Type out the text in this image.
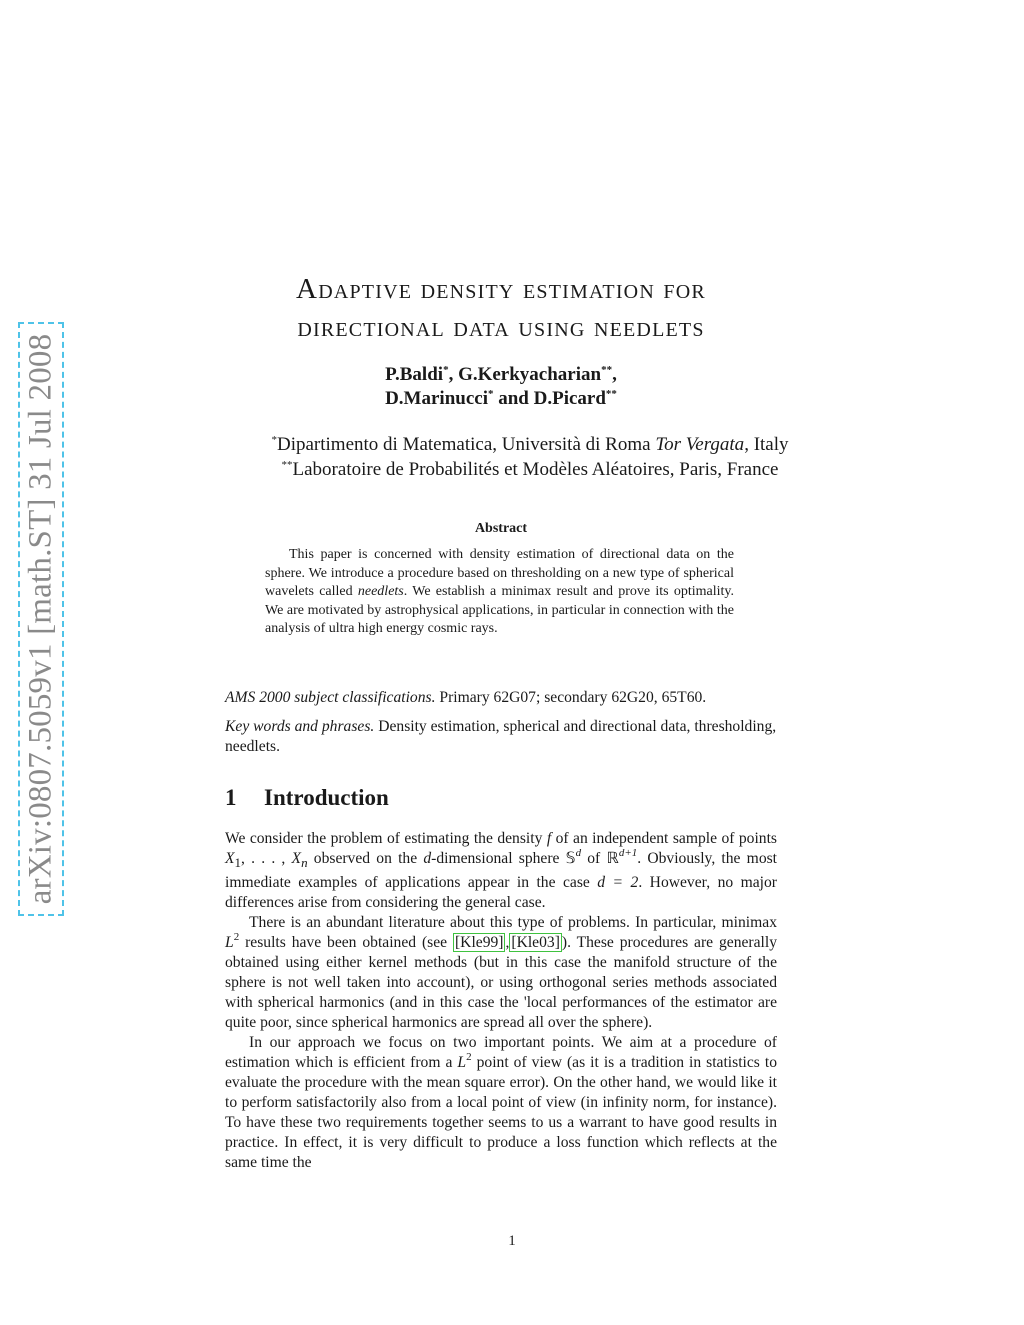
arXiv:0807.5059v1 [math.ST] 31 Jul 2008
Adaptive density estimation for
directional data using needlets
P.Baldi*, G.Kerkyacharian**,
D.Marinucci* and D.Picard**
*Dipartimento di Matematica, Università di Roma Tor Vergata, Italy
**Laboratoire de Probabilités et Modèles Aléatoires, Paris, France
Abstract
This paper is concerned with density estimation of directional data on the sphere. We introduce a procedure based on thresholding on a new type of spherical wavelets called needlets. We establish a minimax result and prove its optimality. We are motivated by astrophysical applications, in particular in connection with the analysis of ultra high energy cosmic rays.
AMS 2000 subject classifications. Primary 62G07; secondary 62G20, 65T60.
Key words and phrases. Density estimation, spherical and directional data, thresholding, needlets.
1 Introduction

We consider the problem of estimating the density f of an independent sample of points $X_1$, . . . , $X_n$ observed on the d-dimensional sphere 𝕊$^d$ of ℝ$^{d+1}$. Obviously, the most immediate examples of applications appear in the case d = 2. However, no major differences arise from considering the general case.

There is an abundant literature about this type of problems. In particular, minimax $L^2$ results have been obtained (see [Kle99] , [Kle03] ). These procedures are generally obtained using either kernel methods (but in this case the manifold structure of the sphere is not well taken into account), or using orthogonal series methods associated with spherical harmonics (and in this case the 'local performances of the estimator are quite poor, since spherical harmonics are spread all over the sphere).

In our approach we focus on two important points. We aim at a procedure of estimation which is efficient from a $L^2$ point of view (as it is a tradition in statistics to evaluate the procedure with the mean square error). On the other hand, we would like it to perform satisfactorily also from a local point of view (in infinity norm, for instance). To have these two requirements together seems to us a warrant to have good results in practice. In effect, it is very difficult to produce a loss function which reflects at the same time the

1
